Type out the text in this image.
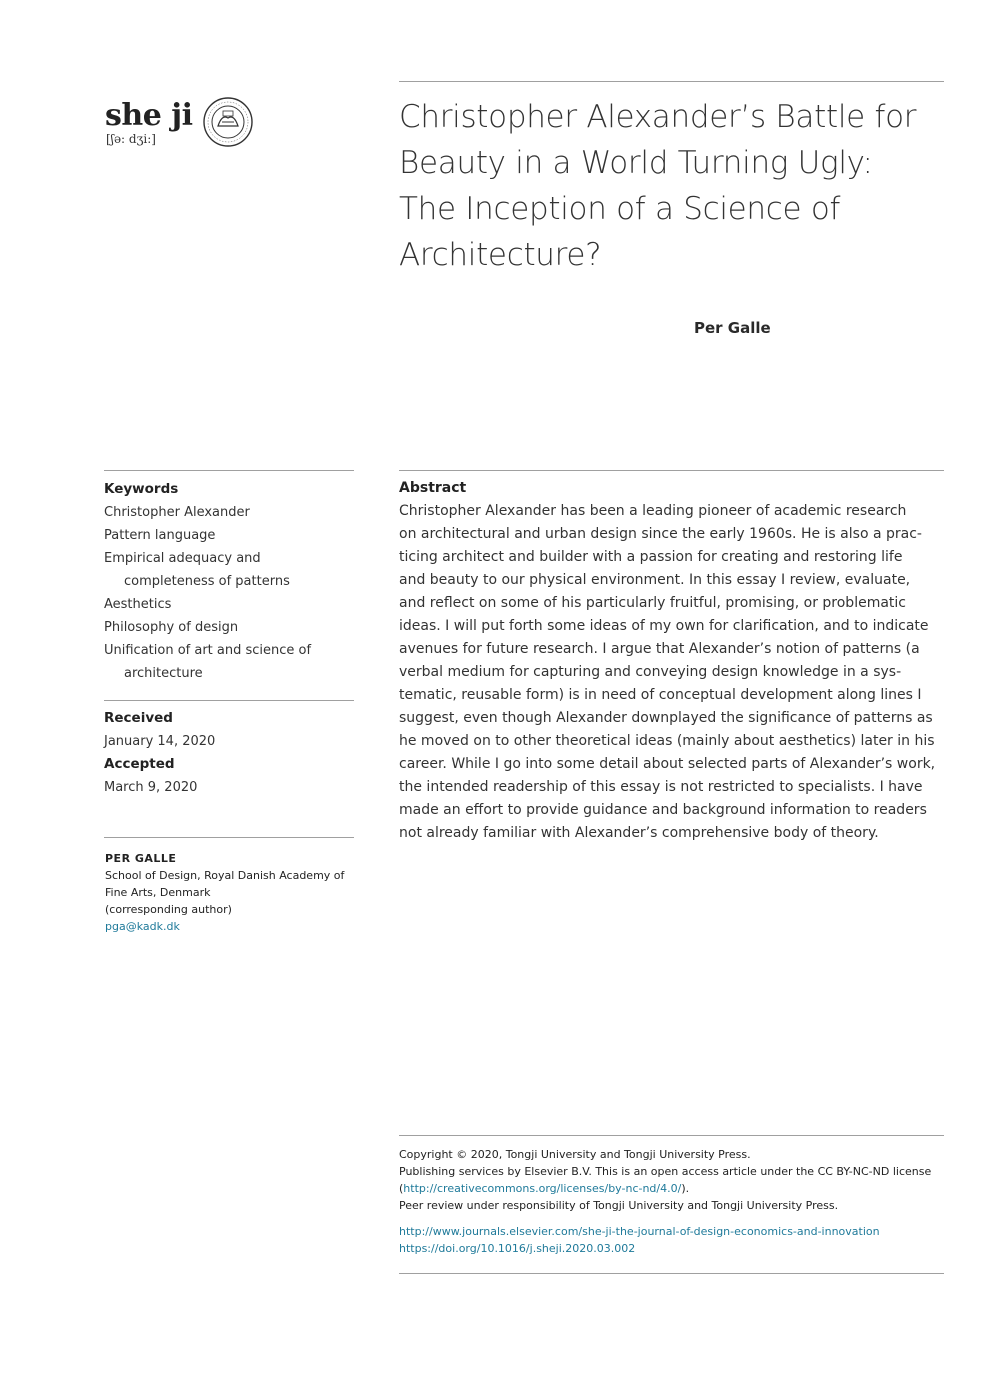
she ji
[ʃə: dʒi:]
Christopher Alexander’s Battle for
Beauty in a World Turning Ugly:
The Inception of a Science of
Architecture?
Per Galle
Keywords
Christopher Alexander
Pattern language
Empirical adequacy and completeness of patterns
Aesthetics
Philosophy of design
Unification of art and science of architecture
Received
January 14, 2020
Accepted
March 9, 2020
PER GALLE
School of Design, Royal Danish Academy of
Fine Arts, Denmark
(corresponding author)
pga@kadk.dk
Abstract
Christopher Alexander has been a leading pioneer of academic research
on architectural and urban design since the early 1960s. He is also a prac-
ticing architect and builder with a passion for creating and restoring life
and beauty to our physical environment. In this essay I review, evaluate,
and reflect on some of his particularly fruitful, promising, or problematic
ideas. I will put forth some ideas of my own for clarification, and to indicate
avenues for future research. I argue that Alexander’s notion of patterns (a
verbal medium for capturing and conveying design knowledge in a sys-
tematic, reusable form) is in need of conceptual development along lines I
suggest, even though Alexander downplayed the significance of patterns as
he moved on to other theoretical ideas (mainly about aesthetics) later in his
career. While I go into some detail about selected parts of Alexander’s work,
the intended readership of this essay is not restricted to specialists. I have
made an effort to provide guidance and background information to readers
not already familiar with Alexander’s comprehensive body of theory.
Copyright © 2020, Tongji University and Tongji University Press.
Publishing services by Elsevier B.V. This is an open access article under the CC BY-NC-ND license
(http://creativecommons.org/licenses/by-nc-nd/4.0/).
Peer review under responsibility of Tongji University and Tongji University Press.
http://www.journals.elsevier.com/she-ji-the-journal-of-design-economics-and-innovation
https://doi.org/10.1016/j.sheji.2020.03.002
